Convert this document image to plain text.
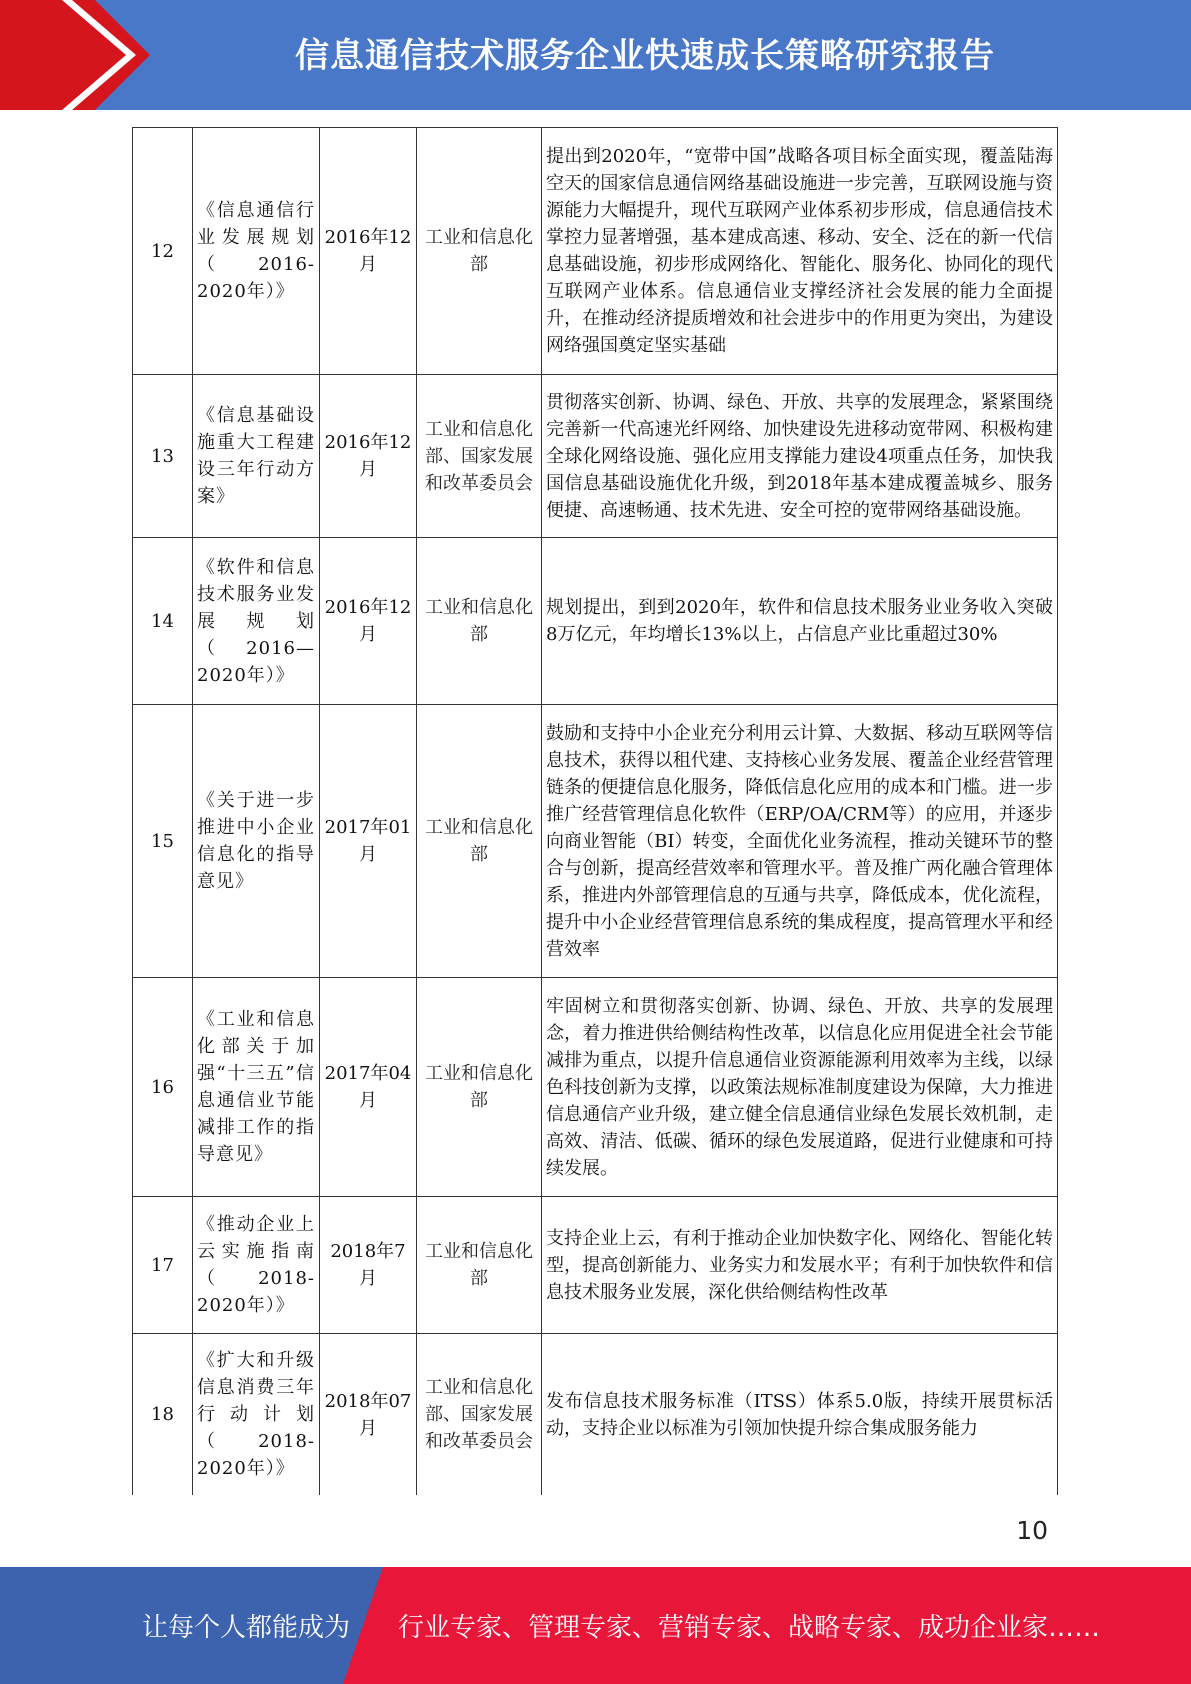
信息通信技术服务企业快速成长策略研究报告
12	《信息通信行业发展规划（2016-2020年）》	2016年12月	工业和信息化部	提出到2020年，“宽带中国”战略各项目标全面实现，覆盖陆海空天的国家信息通信网络基础设施进一步完善，互联网设施与资源能力大幅提升，现代互联网产业体系初步形成，信息通信技术掌控力显著增强，基本建成高速、移动、安全、泛在的新一代信息基础设施，初步形成网络化、智能化、服务化、协同化的现代互联网产业体系。信息通信业支撑经济社会发展的能力全面提升，在推动经济提质增效和社会进步中的作用更为突出，为建设网络强国奠定坚实基础
13	《信息基础设施重大工程建设三年行动方案》	2016年12月	工业和信息化部、国家发展和改革委员会	贯彻落实创新、协调、绿色、开放、共享的发展理念，紧紧围绕完善新一代高速光纤网络、加快建设先进移动宽带网、积极构建全球化网络设施、强化应用支撑能力建设4项重点任务，加快我国信息基础设施优化升级，到2018年基本建成覆盖城乡、服务便捷、高速畅通、技术先进、安全可控的宽带网络基础设施。
14	《软件和信息技术服务业发展规划（2016—2020年）》	2016年12月	工业和信息化部	规划提出，到到2020年，软件和信息技术服务业业务收入突破8万亿元，年均增长13%以上，占信息产业比重超过30%
15	《关于进一步推进中小企业信息化的指导意见》	2017年01月	工业和信息化部	鼓励和支持中小企业充分利用云计算、大数据、移动互联网等信息技术，获得以租代建、支持核心业务发展、覆盖企业经营管理链条的便捷信息化服务，降低信息化应用的成本和门槛。进一步推广经营管理信息化软件（ERP/OA/CRM等）的应用，并逐步向商业智能（BI）转变，全面优化业务流程，推动关键环节的整合与创新，提高经营效率和管理水平。普及推广两化融合管理体系，推进内外部管理信息的互通与共享，降低成本，优化流程，提升中小企业经营管理信息系统的集成程度，提高管理水平和经营效率
16	《工业和信息化部关于加强“十三五”信息通信业节能减排工作的指导意见》	2017年04月	工业和信息化部	牢固树立和贯彻落实创新、协调、绿色、开放、共享的发展理念，着力推进供给侧结构性改革，以信息化应用促进全社会节能减排为重点，以提升信息通信业资源能源利用效率为主线，以绿色科技创新为支撑，以政策法规标准制度建设为保障，大力推进信息通信产业升级，建立健全信息通信业绿色发展长效机制，走高效、清洁、低碳、循环的绿色发展道路，促进行业健康和可持续发展。
17	《推动企业上云实施指南（2018-2020年）》	2018年7月	工业和信息化部	支持企业上云，有利于推动企业加快数字化、网络化、智能化转型，提高创新能力、业务实力和发展水平；有利于加快软件和信息技术服务业发展，深化供给侧结构性改革
18	《扩大和升级信息消费三年行动计划（2018-2020年）》	2018年07月	工业和信息化部、国家发展和改革委员会	发布信息技术服务标准（ITSS）体系5.0版，持续开展贯标活动，支持企业以标准为引领加快提升综合集成服务能力
10
让每个人都能成为 行业专家、管理专家、营销专家、战略专家、成功企业家……
